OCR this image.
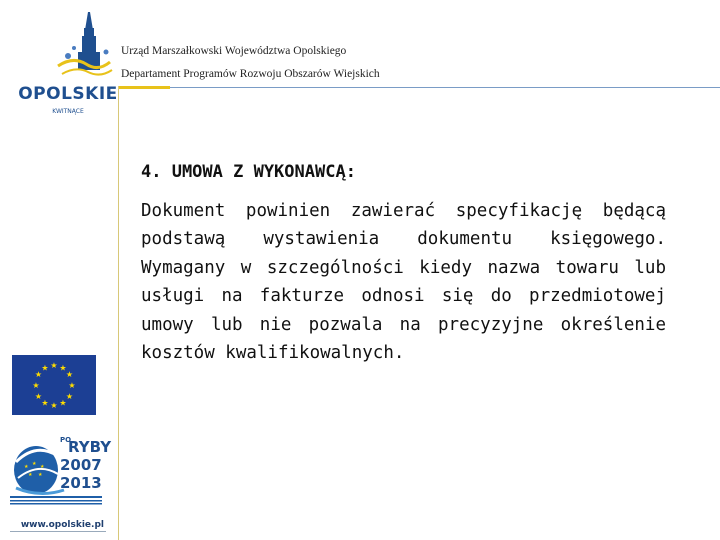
OPOLSKIE
KWITNĄCE
Urząd Marszałkowski Województwa Opolskiego
Departament Programów Rozwoju Obszarów Wiejskich
4. UMOWA Z WYKONAWCĄ:
Dokument powinien zawierać specyfikację będącą podstawą wystawienia dokumentu księgowego. Wymagany w szczególności kiedy nazwa towaru lub usługi na fakturze odnosi się do przedmiotowej umowy lub nie pozwala na precyzyjne określenie kosztów kwalifikowalnych.
★ ★
★
★
★
★
★
★
★
★
★
★
★ ★ ★
★ ★
PO
RYBY
2007
2013
www.opolskie.pl
